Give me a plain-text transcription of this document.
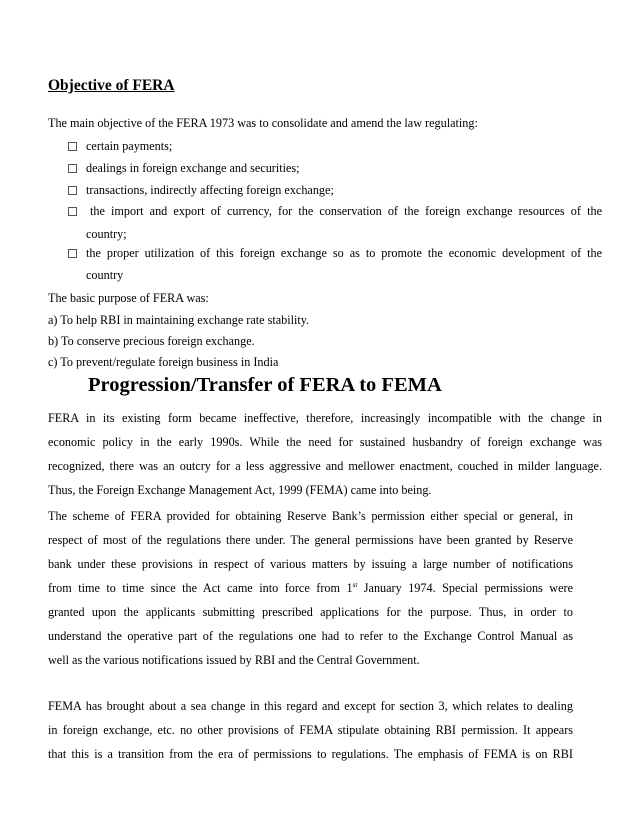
Objective of FERA
The main objective of the FERA 1973 was to consolidate and amend the law regulating:
certain payments;
dealings in foreign exchange and securities;
transactions, indirectly affecting foreign exchange;
the import and export of currency, for the conservation of the foreign exchange resources of the
country;
the proper utilization of this foreign exchange so as to promote the economic development of the
country
The basic purpose of FERA was:
a) To help RBI in maintaining exchange rate stability.
b) To conserve precious foreign exchange.
c) To prevent/regulate foreign business in India
Progression/Transfer of FERA to FEMA
FERA in its existing form became ineffective, therefore, increasingly incompatible with the change in
economic policy in the early 1990s. While the need for sustained husbandry of foreign exchange was
recognized, there was an outcry for a less aggressive and mellower enactment, couched in milder language.
Thus, the Foreign Exchange Management Act, 1999 (FEMA) came into being.
The scheme of FERA provided for obtaining Reserve Bank’s permission either special or general, in
respect of most of the regulations there under. The general permissions have been granted by Reserve
bank under these provisions in respect of various matters by issuing a large number of notifications
from time to time since the Act came into force from 1st January 1974. Special permissions were
granted upon the applicants submitting prescribed applications for the purpose. Thus, in order to
understand the operative part of the regulations one had to refer to the Exchange Control Manual as
well as the various notifications issued by RBI and the Central Government.
FEMA has brought about a sea change in this regard and except for section 3, which relates to dealing
in foreign exchange, etc. no other provisions of FEMA stipulate obtaining RBI permission. It appears
that this is a transition from the era of permissions to regulations. The emphasis of FEMA is on RBI
